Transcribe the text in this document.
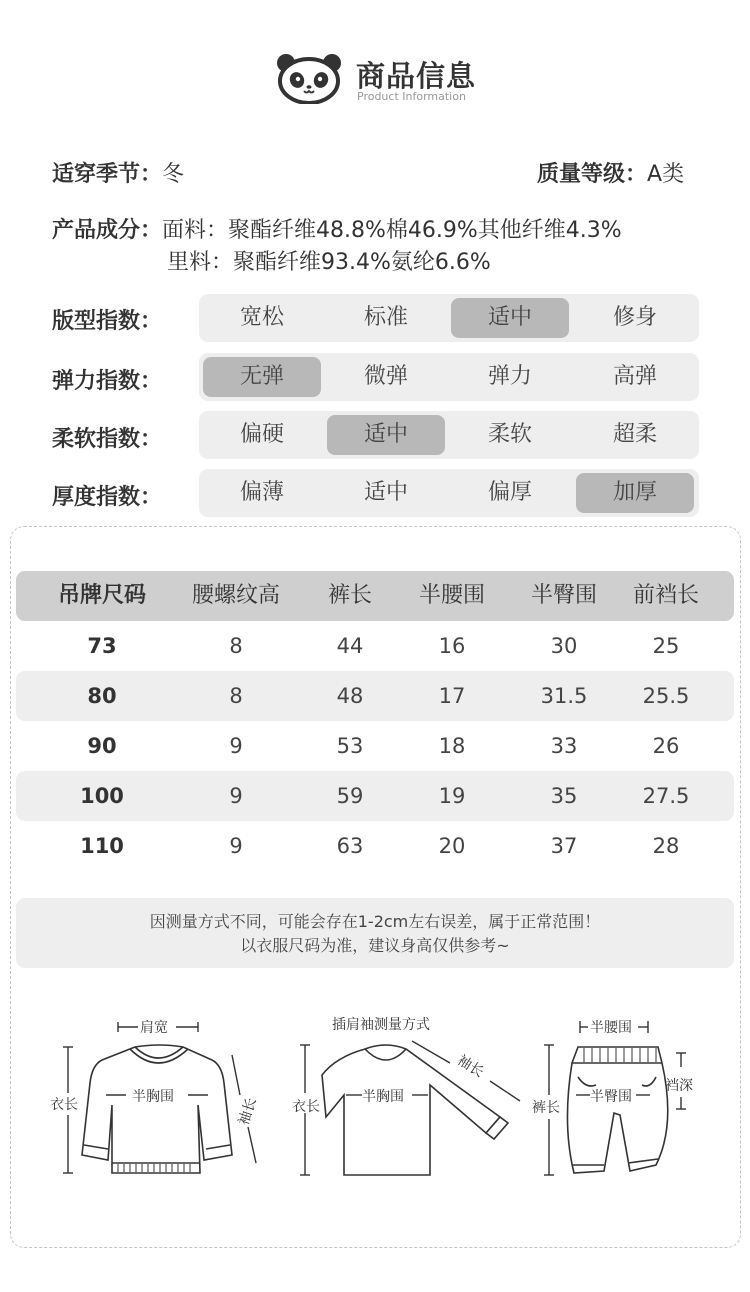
商品信息
Product Information
适穿季节：冬	质量等级：A类
产品成分：面料：聚酯纤维48.8%棉46.9%其他纤维4.3%
里料：聚酯纤维93.4%氨纶6.6%
版型指数：	宽松	标准	适中	修身
弹力指数：	无弹	微弹	弹力	高弹
柔软指数：	偏硬	适中	柔软	超柔
厚度指数：	偏薄	适中	偏厚	加厚
吊牌尺码	腰螺纹高	裤长	半腰围	半臀围	前裆长
73	8	44	16	30	25
80	8	48	17	31.5	25.5
90	9	53	18	33	26
100	9	59	19	35	27.5
110	9	63	20	37	28
因测量方式不同，可能会存在1-2cm左右误差，属于正常范围！
以衣服尺码为准，建议身高仅供参考~
肩宽
衣长	半胸围	袖长
插肩袖测量方式
衣长
半胸围
袖长
半腰围
裤长
半臀围
裆深
